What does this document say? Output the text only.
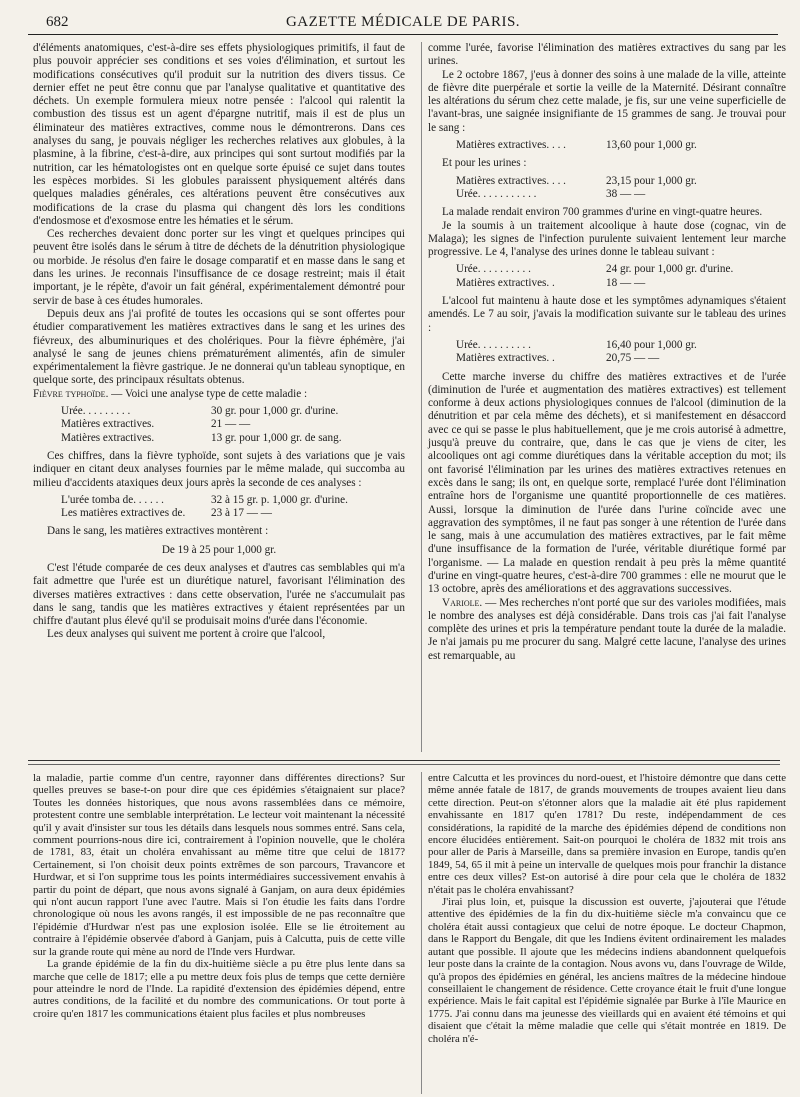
682	GAZETTE MÉDICALE DE PARIS.

d'éléments anatomiques, c'est-à-dire ses effets physiologiques primitifs, il faut de plus pouvoir apprécier ses conditions et ses voies d'élimination, et surtout les modifications consécutives qu'il produit sur la nutrition des divers tissus. Ce dernier effet ne peut être connu que par l'analyse qualitative et quantitative des déchets. Un exemple formulera mieux notre pensée : l'alcool qui ralentit la combustion des tissus est un agent d'épargne nutritif, mais il est de plus un éliminateur des matières extractives, comme nous le démontrerons. Dans ces analyses du sang, je pouvais négliger les recherches relatives aux globules, à la plasmine, à la fibrine, c'est-à-dire, aux principes qui sont surtout modifiés par la nutrition, car les hématologistes ont en quelque sorte épuisé ce sujet dans toutes les espèces morbides. Si les globules paraissent physiquement altérés dans quelques maladies générales, ces altérations peuvent être consécutives aux modifications de la crase du plasma qui changent dès lors les conditions d'endosmose et d'exosmose entre les hématies et le sérum.

Ces recherches devaient donc porter sur les vingt et quelques principes qui peuvent être isolés dans le sérum à titre de déchets de la dénutrition physiologique ou morbide. Je résolus d'en faire le dosage comparatif et en masse dans le sang et dans les urines. Je reconnais l'insuffisance de ce dosage restreint; mais il était important, je le répète, d'avoir un fait général, expérimentalement démontré pour servir de base à ces études humorales.

Depuis deux ans j'ai profité de toutes les occasions qui se sont offertes pour étudier comparativement les matières extractives dans le sang et les urines des fiévreux, des albuminuriques et des cholériques. Pour la fièvre éphémère, j'ai analysé le sang de jeunes chiens prématurément alimentés, afin de simuler expérimentalement la fièvre gastrique. Je ne donnerai qu'un tableau synoptique, en quelque sorte, des principaux résultats obtenus.

Fièvre typhoïde. — Voici une analyse type de cette maladie :

Urée. . . . . . . . .	30 gr. pour 1,000 gr. d'urine.
Matières extractives.	21 — —
Matières extractives.	13 gr. pour 1,000 gr. de sang.

Ces chiffres, dans la fièvre typhoïde, sont sujets à des variations que je vais indiquer en citant deux analyses fournies par le même malade, qui succomba au milieu d'accidents ataxiques deux jours après la seconde de ces analyses :

L'urée tomba de. . . . . .	32 à 15 gr. p. 1,000 gr. d'urine.
Les matières extractives de.	23 à 17 — —

Dans le sang, les matières extractives montèrent :

De 19 à 25 pour 1,000 gr.

C'est l'étude comparée de ces deux analyses et d'autres cas semblables qui m'a fait admettre que l'urée est un diurétique naturel, favorisant l'élimination des diverses matières extractives : dans cette observation, l'urée ne s'accumulait pas dans le sang, tandis que les matières extractives y étaient représentées par un chiffre d'autant plus élevé qu'il se produisait moins d'urée dans l'économie.

Les deux analyses qui suivent me portent à croire que l'alcool,

comme l'urée, favorise l'élimination des matières extractives du sang par les urines.

Le 2 octobre 1867, j'eus à donner des soins à une malade de la ville, atteinte de fièvre dite puerpérale et sortie la veille de la Maternité. Désirant connaître les altérations du sérum chez cette malade, je fis, sur une veine superficielle de l'avant-bras, une saignée insignifiante de 15 grammes de sang. Je trouvai pour le sang :

Matières extractives. . . .	13,60 pour 1,000 gr.

Et pour les urines :

Matières extractives. . . .	23,15 pour 1,000 gr.
Urée. . . . . . . . . . .	38 — —

La malade rendait environ 700 grammes d'urine en vingt-quatre heures.

Je la soumis à un traitement alcoolique à haute dose (cognac, vin de Malaga); les signes de l'infection purulente suivaient lentement leur marche progressive. Le 4, l'analyse des urines donne le tableau suivant :

Urée. . . . . . . . . .	24 gr. pour 1,000 gr. d'urine.
Matières extractives. .	18 — —

L'alcool fut maintenu à haute dose et les symptômes adynamiques s'étaient amendés. Le 7 au soir, j'avais la modification suivante sur le tableau des urines :

Urée. . . . . . . . . .	16,40 pour 1,000 gr.
Matières extractives. .	20,75 — —

Cette marche inverse du chiffre des matières extractives et de l'urée (diminution de l'urée et augmentation des matières extractives) est tellement conforme à deux actions physiologiques connues de l'alcool (diminution de la dénutrition et par cela même des déchets), et si manifestement en désaccord avec ce qui se passe le plus habituellement, que je me crois autorisé à admettre, jusqu'à preuve du contraire, que, dans le cas que je viens de citer, les alcooliques ont agi comme diurétiques dans la véritable acception du mot; ils ont favorisé l'élimination par les urines des matières extractives retenues en excès dans le sang; ils ont, en quelque sorte, remplacé l'urée dont l'élimination entraîne hors de l'organisme une quantité proportionnelle de ces matières. Aussi, lorsque la diminution de l'urée dans l'urine coïncide avec une aggravation des symptômes, il ne faut pas songer à une rétention de l'urée dans le sang, mais à une accumulation des matières extractives, par le fait même d'une insuffisance de la formation de l'urée, véritable diurétique formé par l'organisme. — La malade en question rendait à peu près la même quantité d'urine en vingt-quatre heures, c'est-à-dire 700 grammes : elle ne mourut que le 13 octobre, après des améliorations et des aggravations successives.

Variole. — Mes recherches n'ont porté que sur des varioles modifiées, mais le nombre des analyses est déjà considérable. Dans trois cas j'ai fait l'analyse complète des urines et pris la température pendant toute la durée de la maladie. Je n'ai jamais pu me procurer du sang. Malgré cette lacune, l'analyse des urines est remarquable, au

la maladie, partie comme d'un centre, rayonner dans différentes directions? Sur quelles preuves se base-t-on pour dire que ces épidémies s'étaignaient sur place? Toutes les données historiques, que nous avons rassemblées dans ce mémoire, protestent contre une semblable interprétation. Le lecteur voit maintenant la nécessité qu'il y avait d'insister sur tous les détails dans lesquels nous sommes entré. Sans cela, comment pourrions-nous dire ici, contrairement à l'opinion nouvelle, que le choléra de 1781, 83, était un choléra envahissant au même titre que celui de 1817? Certainement, si l'on choisit deux points extrêmes de son parcours, Travancore et Hurdwar, et si l'on supprime tous les points intermédiaires successivement envahis à partir du point de départ, que nous avons signalé à Ganjam, on aura deux épidémies qui n'ont aucun rapport l'une avec l'autre. Mais si l'on étudie les faits dans l'ordre chronologique où nous les avons rangés, il est impossible de ne pas reconnaître que l'épidémie d'Hurdwar n'est pas une explosion isolée. Elle se lie étroitement au contraire à l'épidémie observée d'abord à Ganjam, puis à Calcutta, puis de cette ville sur la grande route qui mène au nord de l'Inde vers Hurdwar.

La grande épidémie de la fin du dix-huitième siècle a pu être plus lente dans sa marche que celle de 1817; elle a pu mettre deux fois plus de temps que cette dernière pour atteindre le nord de l'Inde. La rapidité d'extension des épidémies dépend, entre autres conditions, de la facilité et du nombre des communications. Or tout porte à croire qu'en 1817 les communications étaient plus faciles et plus nombreuses

entre Calcutta et les provinces du nord-ouest, et l'histoire démontre que dans cette même année fatale de 1817, de grands mouvements de troupes avaient lieu dans cette direction. Peut-on s'étonner alors que la maladie ait été plus rapidement envahissante en 1817 qu'en 1781? Du reste, indépendamment de ces considérations, la rapidité de la marche des épidémies dépend de conditions non encore élucidées entièrement. Sait-on pourquoi le choléra de 1832 mit trois ans pour aller de Paris à Marseille, dans sa première invasion en Europe, tandis qu'en 1849, 54, 65 il mit à peine un intervalle de quelques mois pour franchir la distance entre ces deux villes? Est-on autorisé à dire pour cela que le choléra de 1832 n'était pas le choléra envahissant?

J'irai plus loin, et, puisque la discussion est ouverte, j'ajouterai que l'étude attentive des épidémies de la fin du dix-huitième siècle m'a convaincu que ce choléra était aussi contagieux que celui de notre époque. Le docteur Chapmon, dans le Rapport du Bengale, dit que les Indiens évitent ordinairement les malades autant que possible. Il ajoute que les médecins indiens abandonnent quelquefois leur poste dans la crainte de la contagion. Nous avons vu, dans l'ouvrage de Wilde, qu'à propos des épidémies en général, les anciens maîtres de la médecine hindoue conseillaient le changement de résidence. Cette croyance était le fruit d'une longue expérience. Mais le fait capital est l'épidémie signalée par Burke à l'île Maurice en 1775. J'ai connu dans ma jeunesse des vieillards qui en avaient été témoins et qui disaient que c'était la même maladie que celle qui s'était montrée en 1819. De choléra n'é-
